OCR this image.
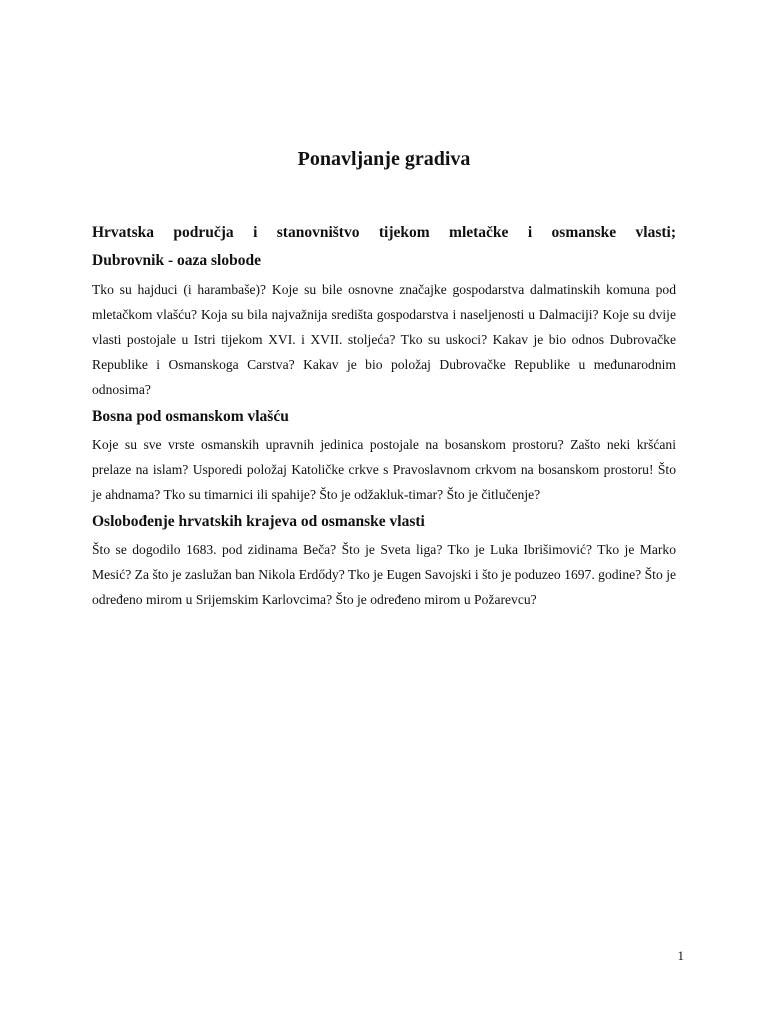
Ponavljanje gradiva

Hrvatska područja i stanovništvo tijekom mletačke i osmanske vlasti;

Dubrovnik - oaza slobode

Tko su hajduci (i harambaše)? Koje su bile osnovne značajke gospodarstva dalmatinskih komuna pod mletačkom vlašću? Koja su bila najvažnija središta gospodarstva i naseljenosti u Dalmaciji? Koje su dvije vlasti postojale u Istri tijekom XVI. i XVII. stoljeća? Tko su uskoci? Kakav je bio odnos Dubrovačke Republike i Osmanskoga Carstva? Kakav je bio položaj Dubrovačke Republike u međunarodnim odnosima?

Bosna pod osmanskom vlašću

Koje su sve vrste osmanskih upravnih jedinica postojale na bosanskom prostoru? Zašto neki kršćani prelaze na islam? Usporedi položaj Katoličke crkve s Pravoslavnom crkvom na bosanskom prostoru! Što je ahdnama? Tko su timarnici ili spahije? Što je odžakluk-timar? Što je čitlučenje?

Oslobođenje hrvatskih krajeva od osmanske vlasti

Što se dogodilo 1683. pod zidinama Beča? Što je Sveta liga? Tko je Luka Ibrišimović? Tko je Marko Mesić? Za što je zaslužan ban Nikola Erdődy? Tko je Eugen Savojski i što je poduzeo 1697. godine? Što je određeno mirom u Srijemskim Karlovcima? Što je određeno mirom u Požarevcu?

1
